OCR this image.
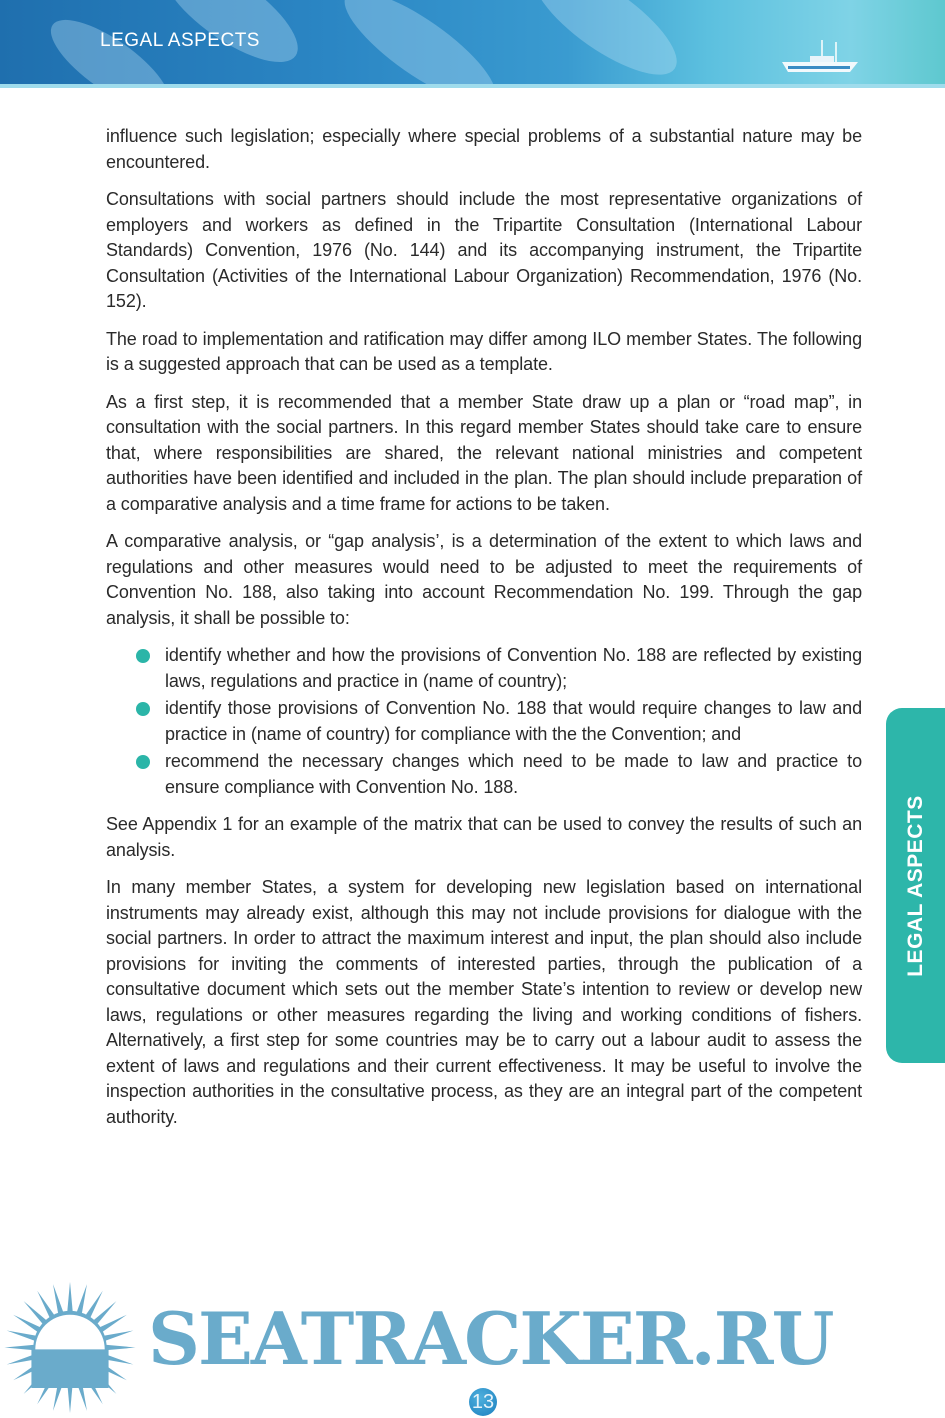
LEGAL ASPECTS

influence such legislation; especially where special problems of a substantial nature may be encountered.

Consultations with social partners should include the most representative organizations of employers and workers as defined in the Tripartite Consultation (International Labour Standards) Convention, 1976 (No. 144) and its accompanying instrument, the Tripartite Consultation (Activities of the International Labour Organization) Recommendation, 1976 (No. 152).

The road to implementation and ratification may differ among ILO member States. The following is a suggested approach that can be used as a template.

As a first step, it is recommended that a member State draw up a plan or “road map”, in consultation with the social partners. In this regard member States should take care to ensure that, where responsibilities are shared, the relevant national ministries and competent authorities have been identified and included in the plan. The plan should include preparation of a comparative analysis and a time frame for actions to be taken.

A comparative analysis, or “gap analysis’, is a determination of the extent to which laws and regulations and other measures would need to be adjusted to meet the requirements of Convention No. 188, also taking into account Recommendation No. 199. Through the gap analysis, it shall be possible to:

identify whether and how the provisions of Convention No. 188 are reflected by existing laws, regulations and practice in (name of country);
identify those provisions of Convention No. 188 that would require changes to law and practice in (name of country) for compliance with the the Convention; and
recommend the necessary changes which need to be made to law and practice to ensure compliance with Convention No. 188.

See Appendix 1 for an example of the matrix that can be used to convey the results of such an analysis.

In many member States, a system for developing new legislation based on international instruments may already exist, although this may not include provisions for dialogue with the social partners. In order to attract the maximum interest and input, the plan should also include provisions for inviting the comments of interested parties, through the publication of a consultative document which sets out the member State’s intention to review or develop new laws, regulations or other measures regarding the living and working conditions of fishers. Alternatively, a first step for some countries may be to carry out a labour audit to assess the extent of laws and regulations and their current effectiveness. It may be useful to involve the inspection authorities in the consultative process, as they are an integral part of the competent authority.

LEGAL ASPECTS
SEATRACKER.RU
13
